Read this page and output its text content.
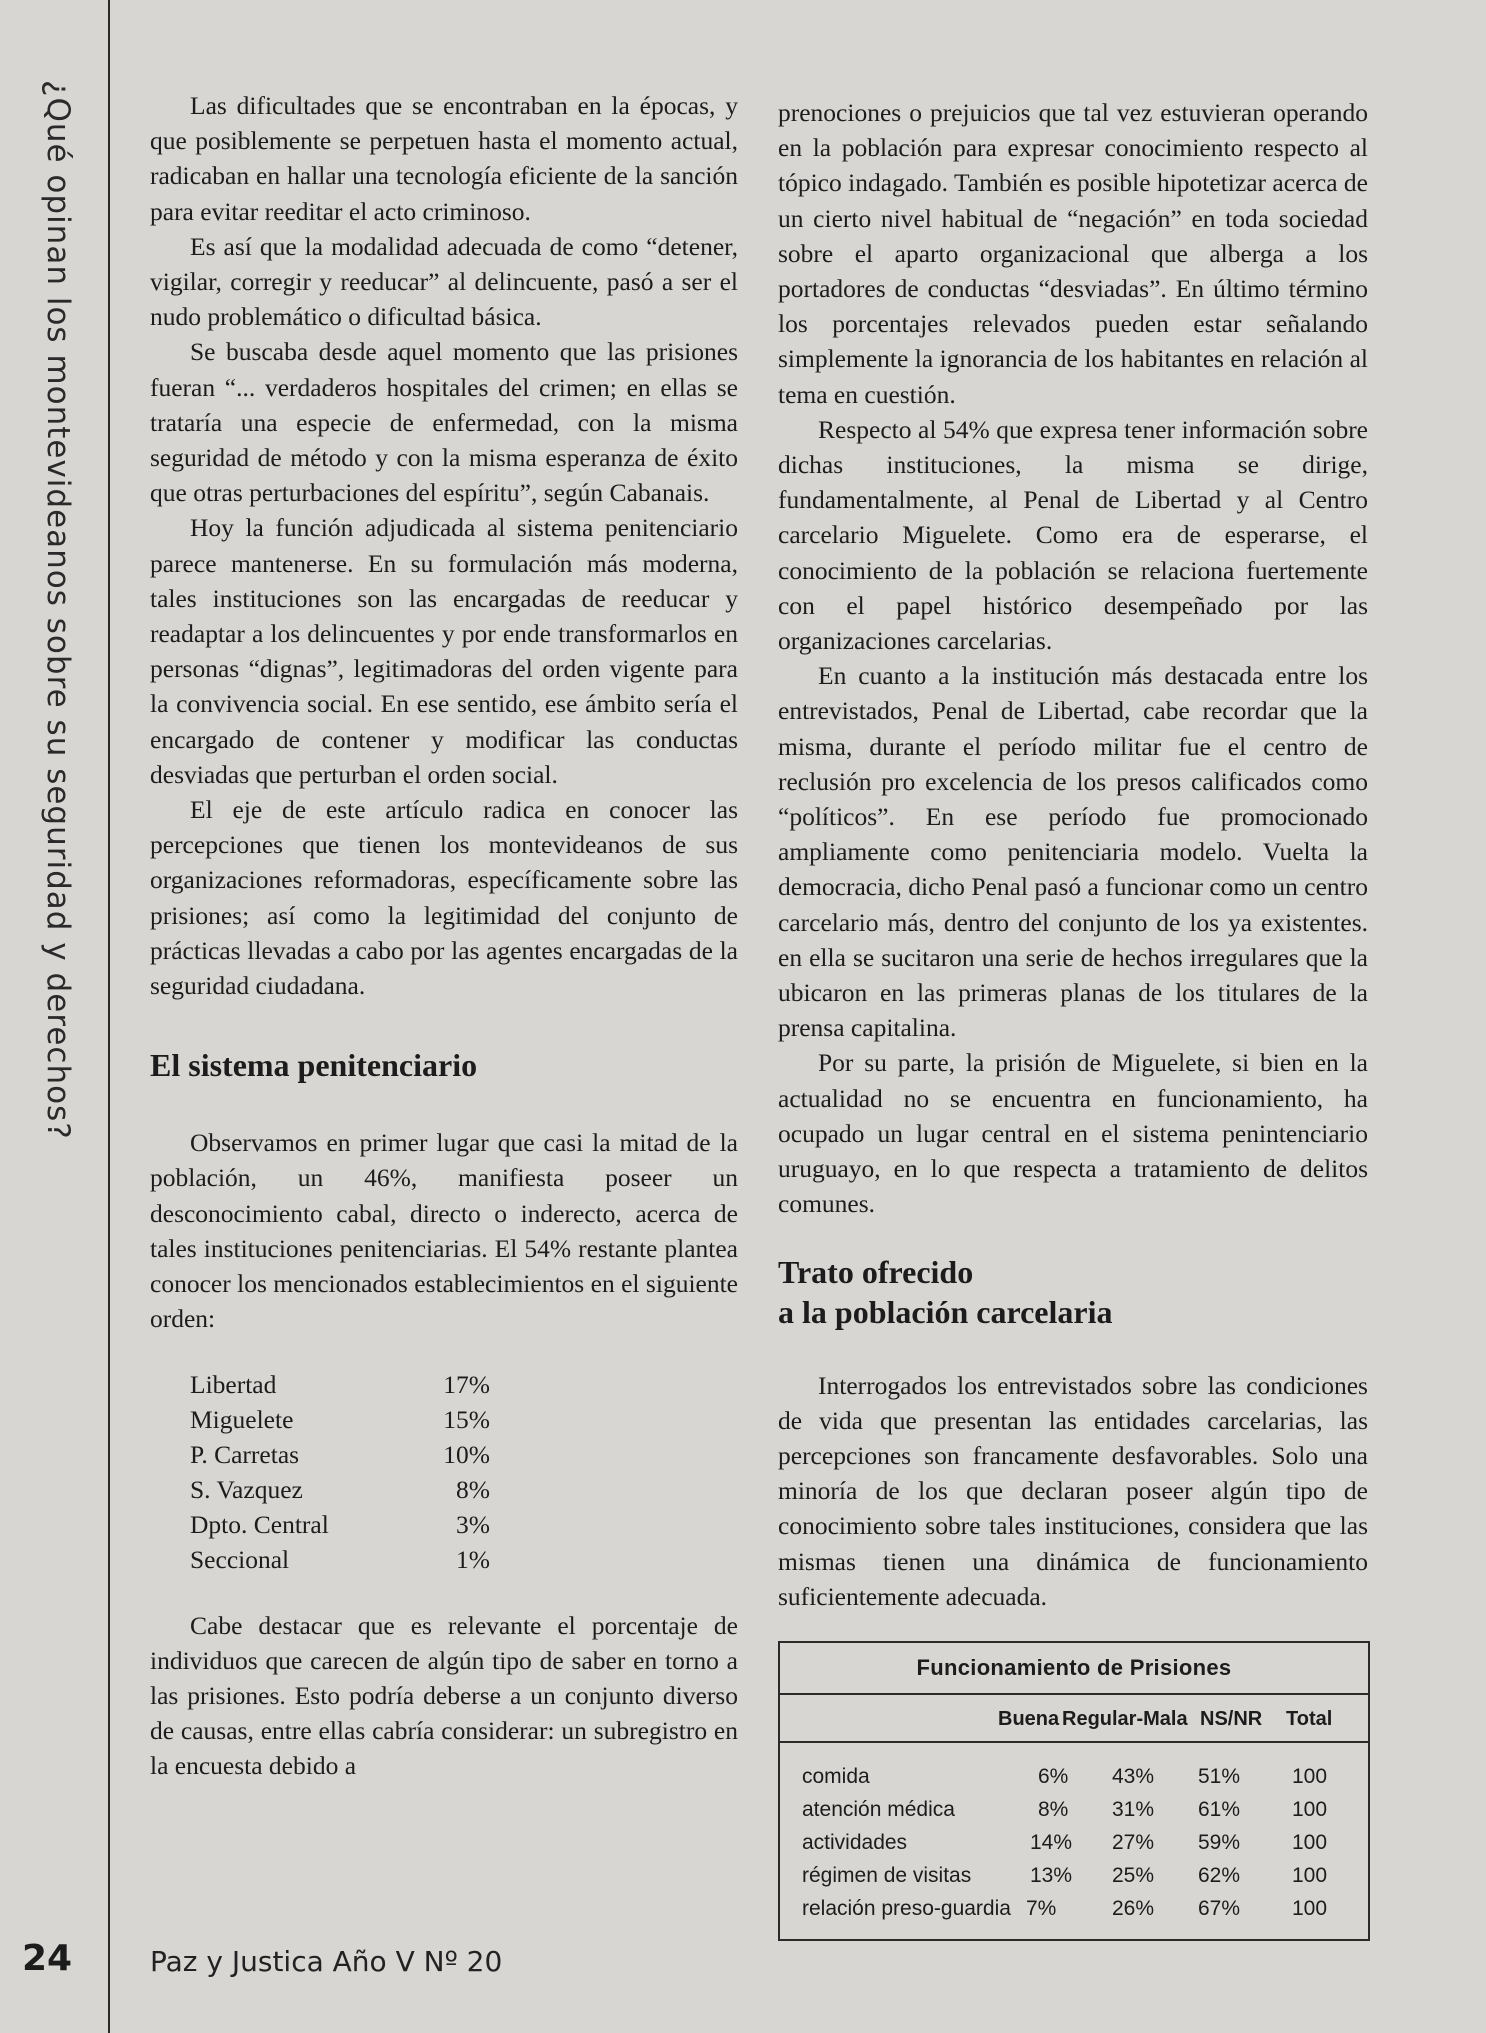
¿Qué opinan los montevideanos sobre su seguridad y derechos?	Las dificultades que se encontraban en la épocas, y que posiblemente se perpetuen hasta el momento actual, radicaban en hallar una tecnología eficiente de la sanción para evitar reeditar el acto criminoso.

Es así que la modalidad adecuada de como “detener, vigilar, corregir y reeducar” al delincuente, pasó a ser el nudo problemático o dificultad básica.

Se buscaba desde aquel momento que las prisiones fueran “... verdaderos hospitales del crimen; en ellas se trataría una especie de enfermedad, con la misma seguridad de método y con la misma esperanza de éxito que otras perturbaciones del espíritu”, según Cabanais.

Hoy la función adjudicada al sistema penitenciario parece mantenerse. En su formulación más moderna, tales instituciones son las encargadas de reeducar y readaptar a los delincuentes y por ende transformarlos en personas “dignas”, legitimadoras del orden vigente para la convivencia social. En ese sentido, ese ámbito sería el encargado de contener y modificar las conductas desviadas que perturban el orden social.

El eje de este artículo radica en conocer las percepciones que tienen los montevideanos de sus organizaciones reformadoras, específicamente sobre las prisiones; así como la legitimidad del conjunto de prácticas llevadas a cabo por las agentes encargadas de la seguridad ciudadana.

El sistema penitenciario

Observamos en primer lugar que casi la mitad de la población, un 46%, manifiesta poseer un desconocimiento cabal, directo o inderecto, acerca de tales instituciones penitenciarias. El 54% restante plantea conocer los mencionados establecimientos en el siguiente orden:

Libertad	17%
Miguelete	15%
P. Carretas	10%
S. Vazquez	8%
Dpto. Central	3%
Seccional	1%

Cabe destacar que es relevante el porcentaje de individuos que carecen de algún tipo de saber en torno a las prisiones. Esto podría deberse a un conjunto diverso de causas, entre ellas cabría considerar: un subregistro en la encuesta debido a

prenociones o prejuicios que tal vez estuvieran operando en la población para expresar conocimiento respecto al tópico indagado. También es posible hipotetizar acerca de un cierto nivel habitual de “negación” en toda sociedad sobre el aparto organizacional que alberga a los portadores de conductas “desviadas”. En último término los porcentajes relevados pueden estar señalando simplemente la ignorancia de los habitantes en relación al tema en cuestión.

Respecto al 54% que expresa tener información sobre dichas instituciones, la misma se dirige, fundamentalmente, al Penal de Libertad y al Centro carcelario Miguelete. Como era de esperarse, el conocimiento de la población se relaciona fuertemente con el papel histórico desempeñado por las organizaciones carcelarias.

En cuanto a la institución más destacada entre los entrevistados, Penal de Libertad, cabe recordar que la misma, durante el período militar fue el centro de reclusión pro excelencia de los presos calificados como “políticos”. En ese período fue promocionado ampliamente como penitenciaria modelo. Vuelta la democracia, dicho Penal pasó a funcionar como un centro carcelario más, dentro del conjunto de los ya existentes. en ella se sucitaron una serie de hechos irregulares que la ubicaron en las primeras planas de los titulares de la prensa capitalina.

Por su parte, la prisión de Miguelete, si bien en la actualidad no se encuentra en funcionamiento, ha ocupado un lugar central en el sistema penintenciario uruguayo, en lo que respecta a tratamiento de delitos comunes.

Trato ofrecido
a la población carcelaria

Interrogados los entrevistados sobre las condiciones de vida que presentan las entidades carcelarias, las percepciones son francamente desfavorables. Solo una minoría de los que declaran poseer algún tipo de conocimiento sobre tales instituciones, considera que las mismas tienen una dinámica de funcionamiento suficientemente adecuada.

Funcionamiento de Prisiones
Buena Regular-Mala NS/NR Total
comida	6% 43% 51% 100
atención médica	8% 31% 61% 100
actividades	14% 27% 59% 100
régimen de visitas	13% 25% 62% 100
relación preso-guardia 7%	26% 67% 100
24	Paz y Justica Año V Nº 20
